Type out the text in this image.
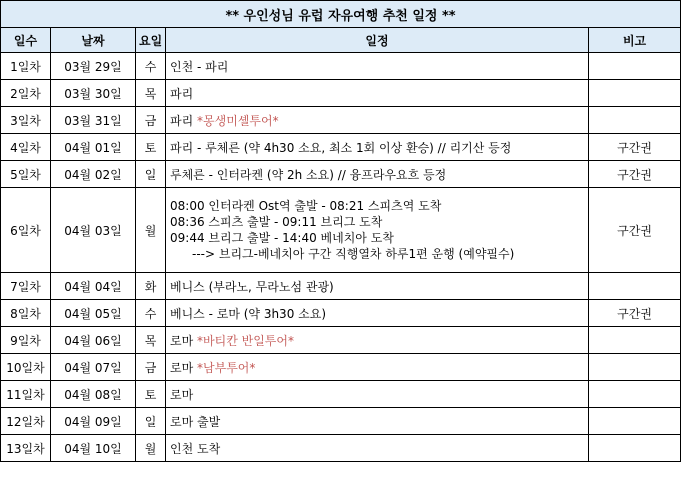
** 우인성님 유럽 자유여행 추천 일정 **				
일수	날짜	요일	일정	비고
1일차	03월 29일	수	인천 - 파리	
2일차	03월 30일	목	파리	
3일차	03월 31일	금	파리 *몽생미셸투어*	
4일차	04월 01일	토	파리 - 루체른 (약 4h30 소요, 최소 1회 이상 환승) // 리기산 등정	구간권
5일차	04월 02일	일	루체른 - 인터라켄 (약 2h 소요) // 융프라우요흐 등정	구간권
6일차	04월 03일	월	08:00 인터라켄 Ost역 출발 - 08:21 스피츠역 도착
08:36 스피츠 출발 - 09:11 브리그 도착
09:44 브리그 출발 - 14:40 베네치아 도착
---> 브리그-베네치아 구간 직행열차 하루1편 운행 (예약필수)	구간권
7일차	04월 04일	화	베니스 (부라노, 무라노섬 관광)	
8일차	04월 05일	수	베니스 - 로마 (약 3h30 소요)	구간권
9일차	04월 06일	목	로마 *바티칸 반일투어*	
10일차	04월 07일	금	로마 *남부투어*	
11일차	04월 08일	토	로마	
12일차	04월 09일	일	로마 출발	
13일차	04월 10일	월	인천 도착	
